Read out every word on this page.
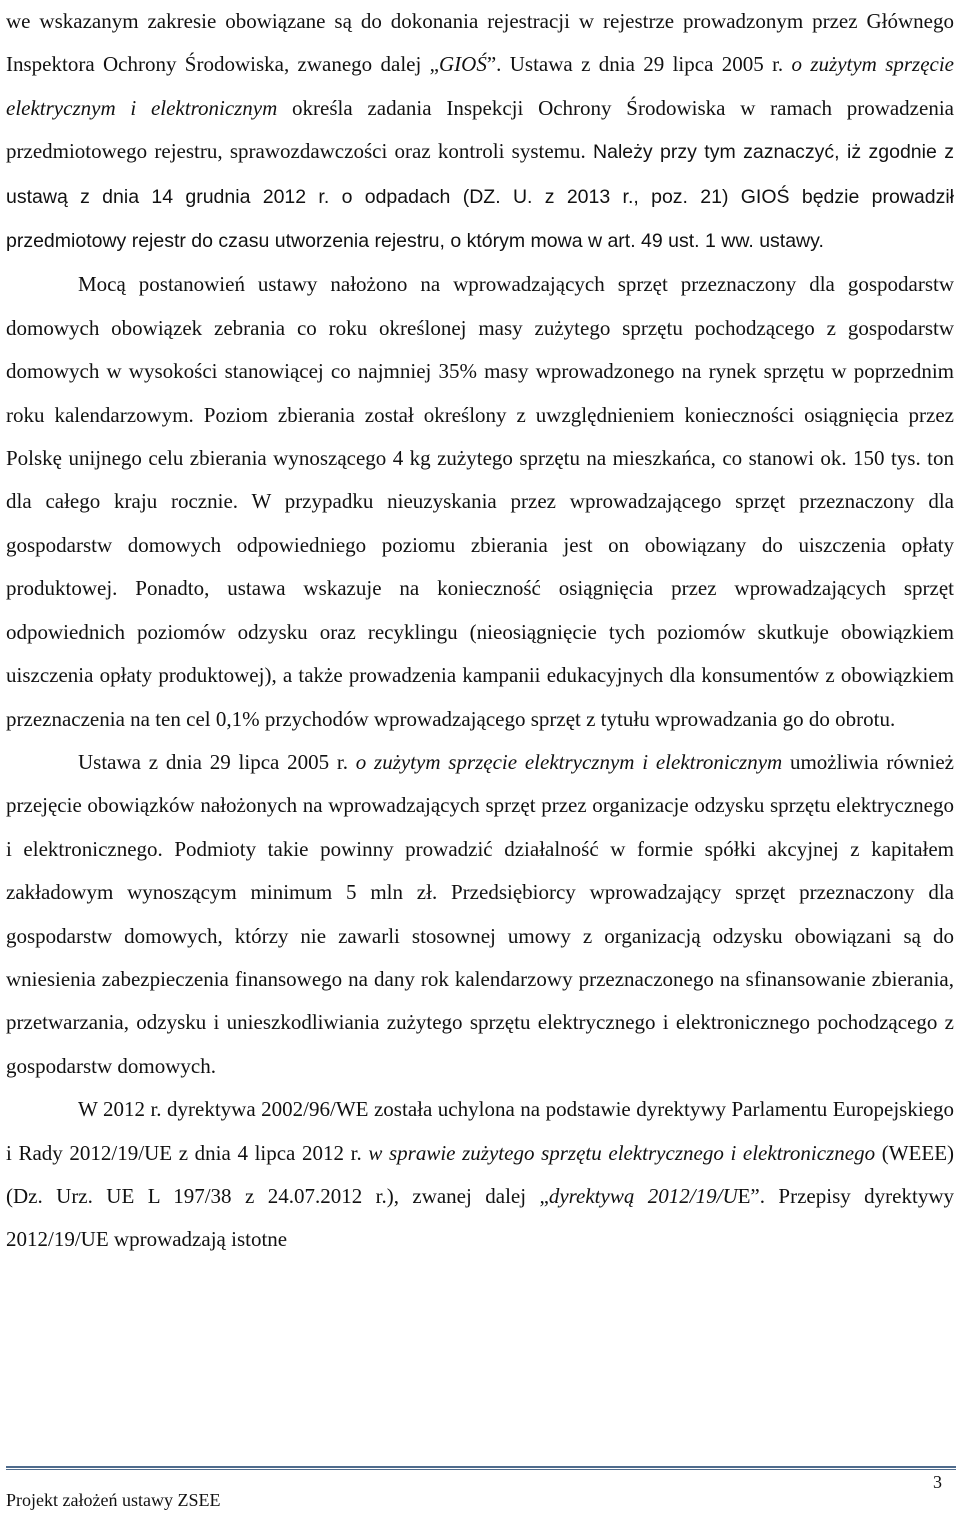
we wskazanym zakresie obowiązane są do dokonania rejestracji w rejestrze prowadzonym przez Głównego Inspektora Ochrony Środowiska, zwanego dalej „GIOŚ”. Ustawa z dnia 29 lipca 2005 r. o zużytym sprzęcie elektrycznym i elektronicznym określa zadania Inspekcji Ochrony Środowiska w ramach prowadzenia przedmiotowego rejestru, sprawozdawczości oraz kontroli systemu. Należy przy tym zaznaczyć, iż zgodnie z ustawą z dnia 14 grudnia 2012 r. o odpadach (DZ. U. z 2013 r., poz. 21) GIOŚ będzie prowadził przedmiotowy rejestr do czasu utworzenia rejestru, o którym mowa w art. 49 ust. 1 ww. ustawy.

Mocą postanowień ustawy nałożono na wprowadzających sprzęt przeznaczony dla gospodarstw domowych obowiązek zebrania co roku określonej masy zużytego sprzętu pochodzącego z gospodarstw domowych w wysokości stanowiącej co najmniej 35% masy wprowadzonego na rynek sprzętu w poprzednim roku kalendarzowym. Poziom zbierania został określony z uwzględnieniem konieczności osiągnięcia przez Polskę unijnego celu zbierania wynoszącego 4 kg zużytego sprzętu na mieszkańca, co stanowi ok. 150 tys. ton dla całego kraju rocznie. W przypadku nieuzyskania przez wprowadzającego sprzęt przeznaczony dla gospodarstw domowych odpowiedniego poziomu zbierania jest on obowiązany do uiszczenia opłaty produktowej. Ponadto, ustawa wskazuje na konieczność osiągnięcia przez wprowadzających sprzęt odpowiednich poziomów odzysku oraz recyklingu (nieosiągnięcie tych poziomów skutkuje obowiązkiem uiszczenia opłaty produktowej), a także prowadzenia kampanii edukacyjnych dla konsumentów z obowiązkiem przeznaczenia na ten cel 0,1% przychodów wprowadzającego sprzęt z tytułu wprowadzania go do obrotu.

Ustawa z dnia 29 lipca 2005 r. o zużytym sprzęcie elektrycznym i elektronicznym umożliwia również przejęcie obowiązków nałożonych na wprowadzających sprzęt przez organizacje odzysku sprzętu elektrycznego i elektronicznego. Podmioty takie powinny prowadzić działalność w formie spółki akcyjnej z kapitałem zakładowym wynoszącym minimum 5 mln zł. Przedsiębiorcy wprowadzający sprzęt przeznaczony dla gospodarstw domowych, którzy nie zawarli stosownej umowy z organizacją odzysku obowiązani są do wniesienia zabezpieczenia finansowego na dany rok kalendarzowy przeznaczonego na sfinansowanie zbierania, przetwarzania, odzysku i unieszkodliwiania zużytego sprzętu elektrycznego i elektronicznego pochodzącego z gospodarstw domowych.

W 2012 r. dyrektywa 2002/96/WE została uchylona na podstawie dyrektywy Parlamentu Europejskiego i Rady 2012/19/UE z dnia 4 lipca 2012 r. w sprawie zużytego sprzętu elektrycznego i elektronicznego (WEEE) (Dz. Urz. UE L 197/38 z 24.07.2012 r.), zwanej dalej „dyrektywą 2012/19/UE”. Przepisy dyrektywy 2012/19/UE wprowadzają istotne

3
Projekt założeń ustawy ZSEE
